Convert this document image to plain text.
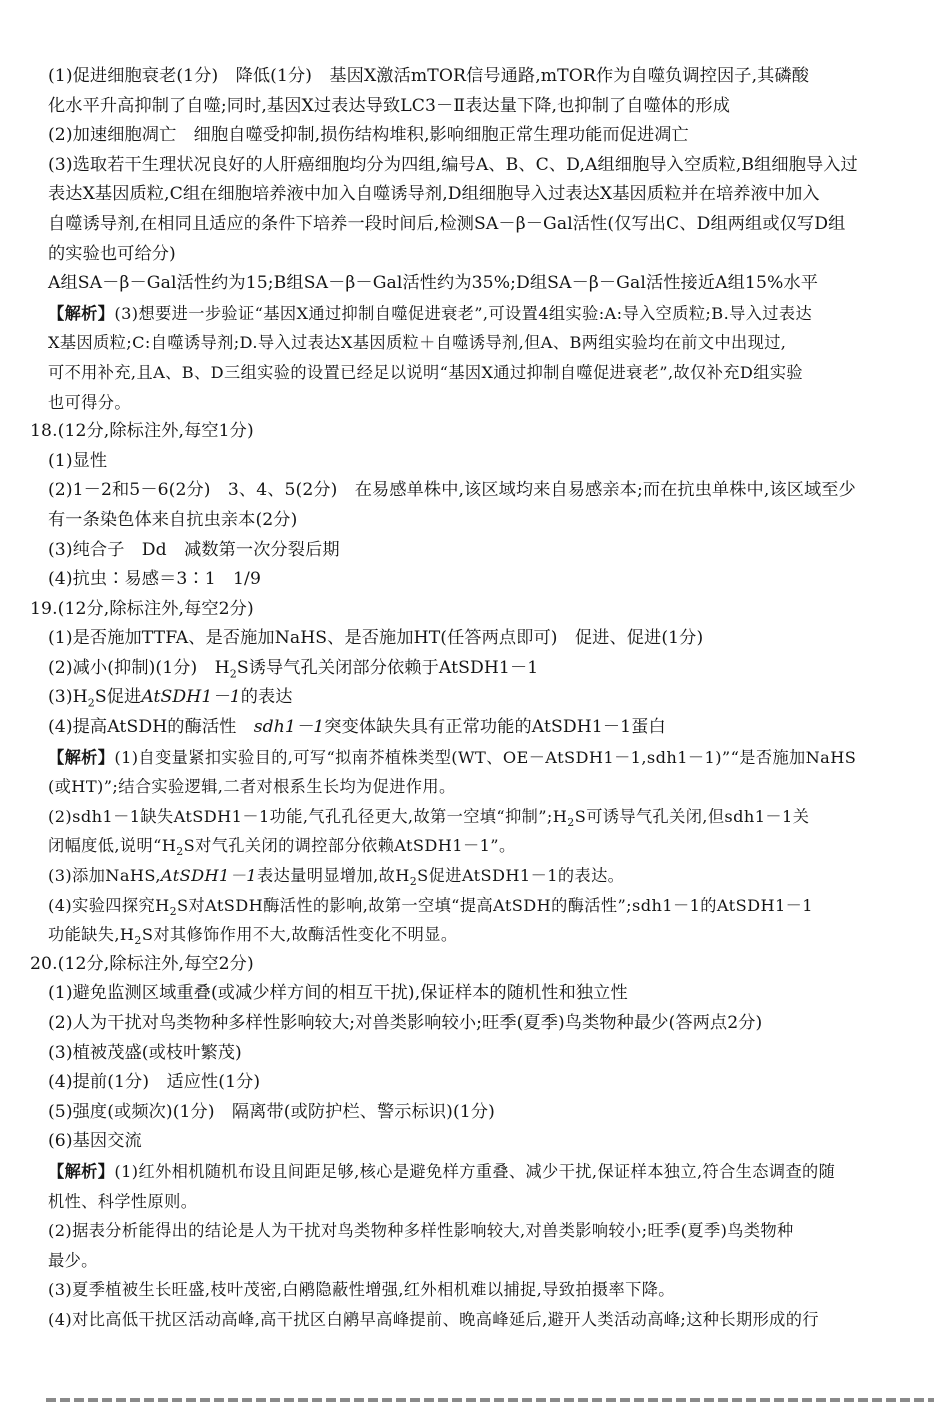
(1)促进细胞衰老(1分)　降低(1分)　基因X激活mTOR信号通路,mTOR作为自噬负调控因子,其磷酸
化水平升高抑制了自噬;同时,基因X过表达导致LC3－Ⅱ表达量下降,也抑制了自噬体的形成
(2)加速细胞凋亡　细胞自噬受抑制,损伤结构堆积,影响细胞正常生理功能而促进凋亡
(3)选取若干生理状况良好的人肝癌细胞均分为四组,编号A、B、C、D,A组细胞导入空质粒,B组细胞导入过
表达X基因质粒,C组在细胞培养液中加入自噬诱导剂,D组细胞导入过表达X基因质粒并在培养液中加入
自噬诱导剂,在相同且适应的条件下培养一段时间后,检测SA－β－Gal活性(仅写出C、D组两组或仅写D组
的实验也可给分)
A组SA－β－Gal活性约为15;B组SA－β－Gal活性约为35%;D组SA－β－Gal活性接近A组15%水平
【解析】(3)想要进一步验证“基因X通过抑制自噬促进衰老”,可设置4组实验:A:导入空质粒;B.导入过表达
X基因质粒;C:自噬诱导剂;D.导入过表达X基因质粒＋自噬诱导剂,但A、B两组实验均在前文中出现过,
可不用补充,且A、B、D三组实验的设置已经足以说明“基因X通过抑制自噬促进衰老”,故仅补充D组实验
也可得分。
18.(12分,除标注外,每空1分)
(1)显性
(2)1－2和5－6(2分)　3、4、5(2分)　在易感单株中,该区域均来自易感亲本;而在抗虫单株中,该区域至少
有一条染色体来自抗虫亲本(2分)
(3)纯合子　Dd　减数第一次分裂后期
(4)抗虫∶易感＝3∶1　1/9
19.(12分,除标注外,每空2分)
(1)是否施加TTFA、是否施加NaHS、是否施加HT(任答两点即可)　促进、促进(1分)
(2)减小(抑制)(1分)　$H_2S$诱导气孔关闭部分依赖于AtSDH1－1
$(3)H_2S$促进AtSDH1－1的表达
(4)提高AtSDH的酶活性　sdh1－1突变体缺失具有正常功能的AtSDH1－1蛋白
【解析】(1)自变量紧扣实验目的,可写“拟南芥植株类型(WT、OE－AtSDH1－1,sdh1－1)”“是否施加NaHS
(或HT)”;结合实验逻辑,二者对根系生长均为促进作用。
(2)sdh1－1缺失AtSDH1－1功能,气孔孔径更大,故第一空填“抑制$”;H_2S$可诱导气孔关闭,但sdh1－1关
闭幅度低,说明“$H_2S$对气孔关闭的调控部分依赖AtSDH1－1”。
(3)添加NaHS,AtSDH1－1表达量明显增加,故$H_2S$促进AtSDH1－1的表达。
(4)实验四探究$H_2S$对AtSDH酶活性的影响,故第一空填“提高AtSDH的酶活性”;sdh1－1的AtSDH1－1
功能缺失$,H_2S$对其修饰作用不大,故酶活性变化不明显。
20.(12分,除标注外,每空2分)
(1)避免监测区域重叠(或减少样方间的相互干扰),保证样本的随机性和独立性
(2)人为干扰对鸟类物种多样性影响较大;对兽类影响较小;旺季(夏季)鸟类物种最少(答两点2分)
(3)植被茂盛(或枝叶繁茂)
(4)提前(1分)　适应性(1分)
(5)强度(或频次)(1分)　隔离带(或防护栏、警示标识)(1分)
(6)基因交流
【解析】(1)红外相机随机布设且间距足够,核心是避免样方重叠、减少干扰,保证样本独立,符合生态调查的随
机性、科学性原则。
(2)据表分析能得出的结论是人为干扰对鸟类物种多样性影响较大,对兽类影响较小;旺季(夏季)鸟类物种
最少。
(3)夏季植被生长旺盛,枝叶茂密,白鹇隐蔽性增强,红外相机难以捕捉,导致拍摄率下降。
(4)对比高低干扰区活动高峰,高干扰区白鹇早高峰提前、晚高峰延后,避开人类活动高峰;这种长期形成的行
